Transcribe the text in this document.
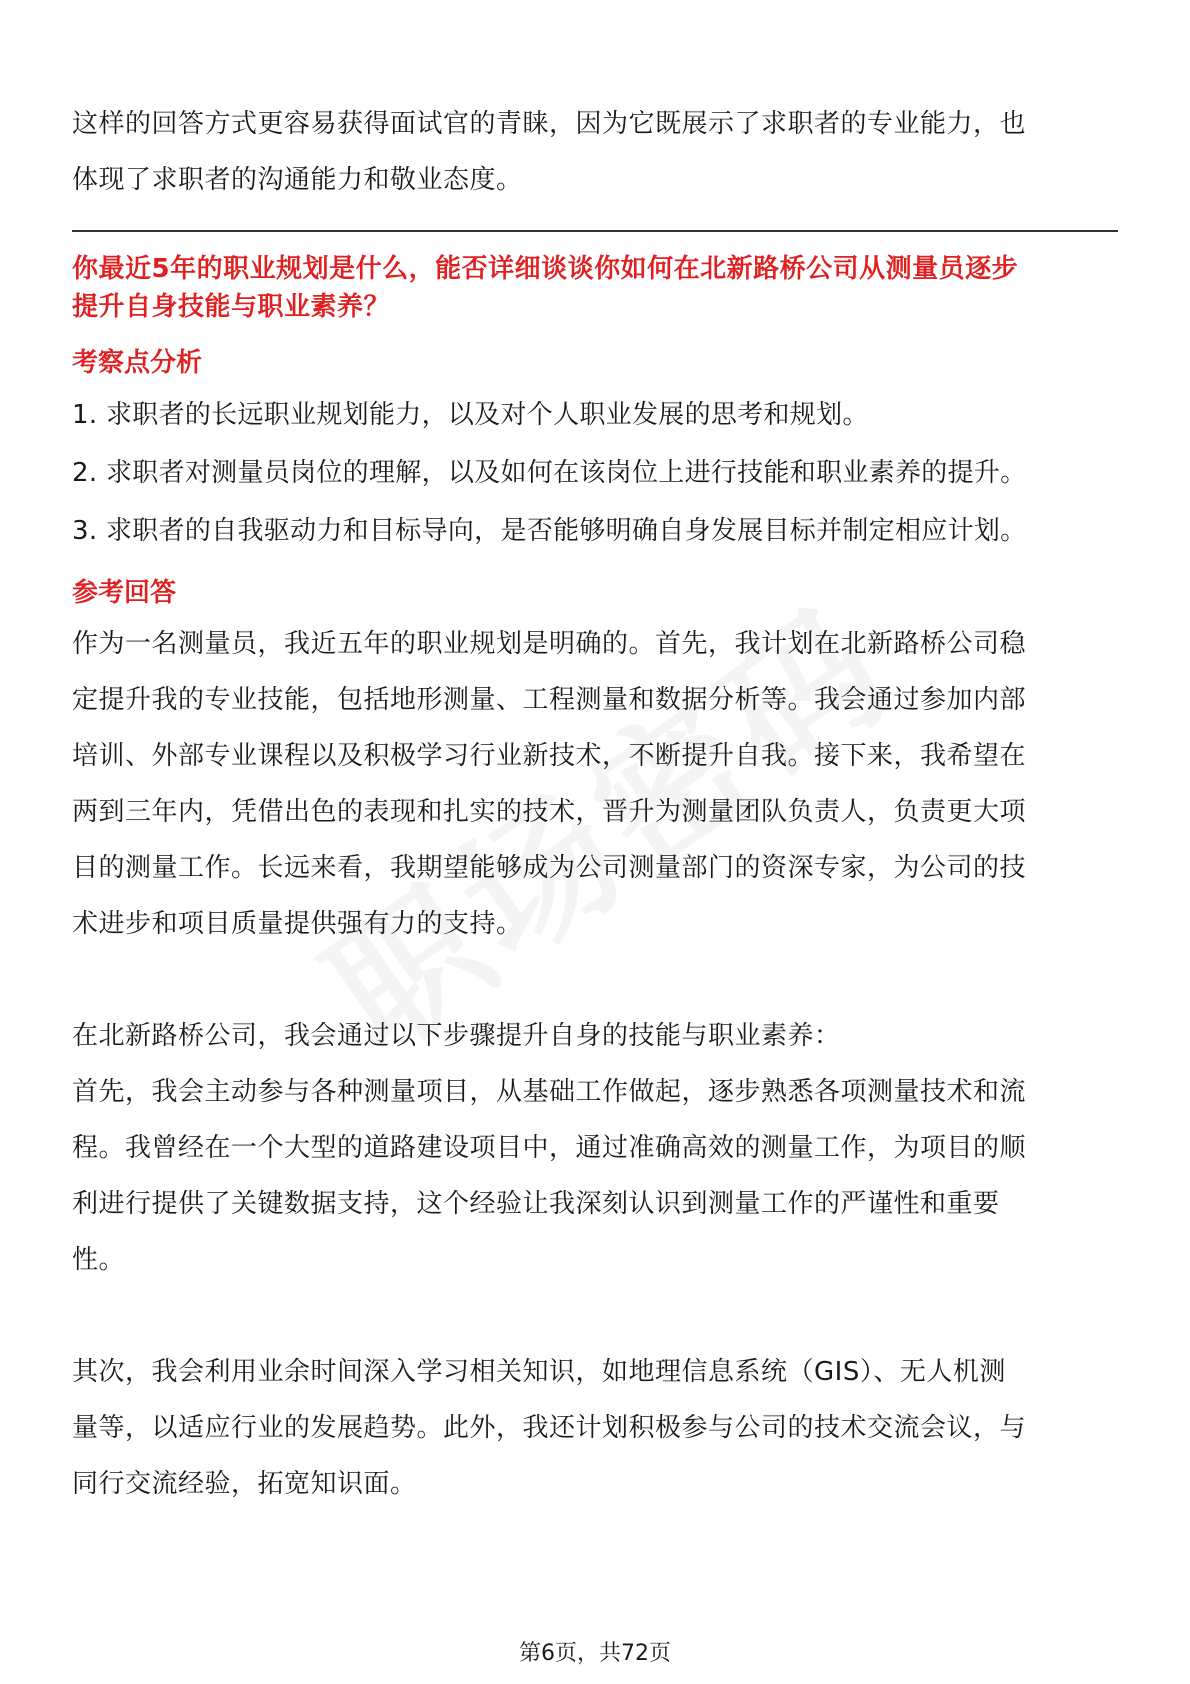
这样的回答方式更容易获得面试官的青睐，因为它既展示了求职者的专业能力，也

体现了求职者的沟通能力和敬业态度。

你最近5年的职业规划是什么，能否详细谈谈你如何在北新路桥公司从测量员逐步

提升自身技能与职业素养？

考察点分析

1. 求职者的长远职业规划能力，以及对个人职业发展的思考和规划。

2. 求职者对测量员岗位的理解，以及如何在该岗位上进行技能和职业素养的提升。

3. 求职者的自我驱动力和目标导向，是否能够明确自身发展目标并制定相应计划。

参考回答

作为一名测量员，我近五年的职业规划是明确的。首先，我计划在北新路桥公司稳

定提升我的专业技能，包括地形测量、工程测量和数据分析等。我会通过参加内部

培训、外部专业课程以及积极学习行业新技术，不断提升自我。接下来，我希望在

两到三年内，凭借出色的表现和扎实的技术，晋升为测量团队负责人，负责更大项

目的测量工作。长远来看，我期望能够成为公司测量部门的资深专家，为公司的技

术进步和项目质量提供强有力的支持。

在北新路桥公司，我会通过以下步骤提升自身的技能与职业素养：

首先，我会主动参与各种测量项目，从基础工作做起，逐步熟悉各项测量技术和流

程。我曾经在一个大型的道路建设项目中，通过准确高效的测量工作，为项目的顺

利进行提供了关键数据支持，这个经验让我深刻认识到测量工作的严谨性和重要

性。

其次，我会利用业余时间深入学习相关知识，如地理信息系统（GIS）、无人机测

量等，以适应行业的发展趋势。此外，我还计划积极参与公司的技术交流会议，与

同行交流经验，拓宽知识面。

第6页，共72页
